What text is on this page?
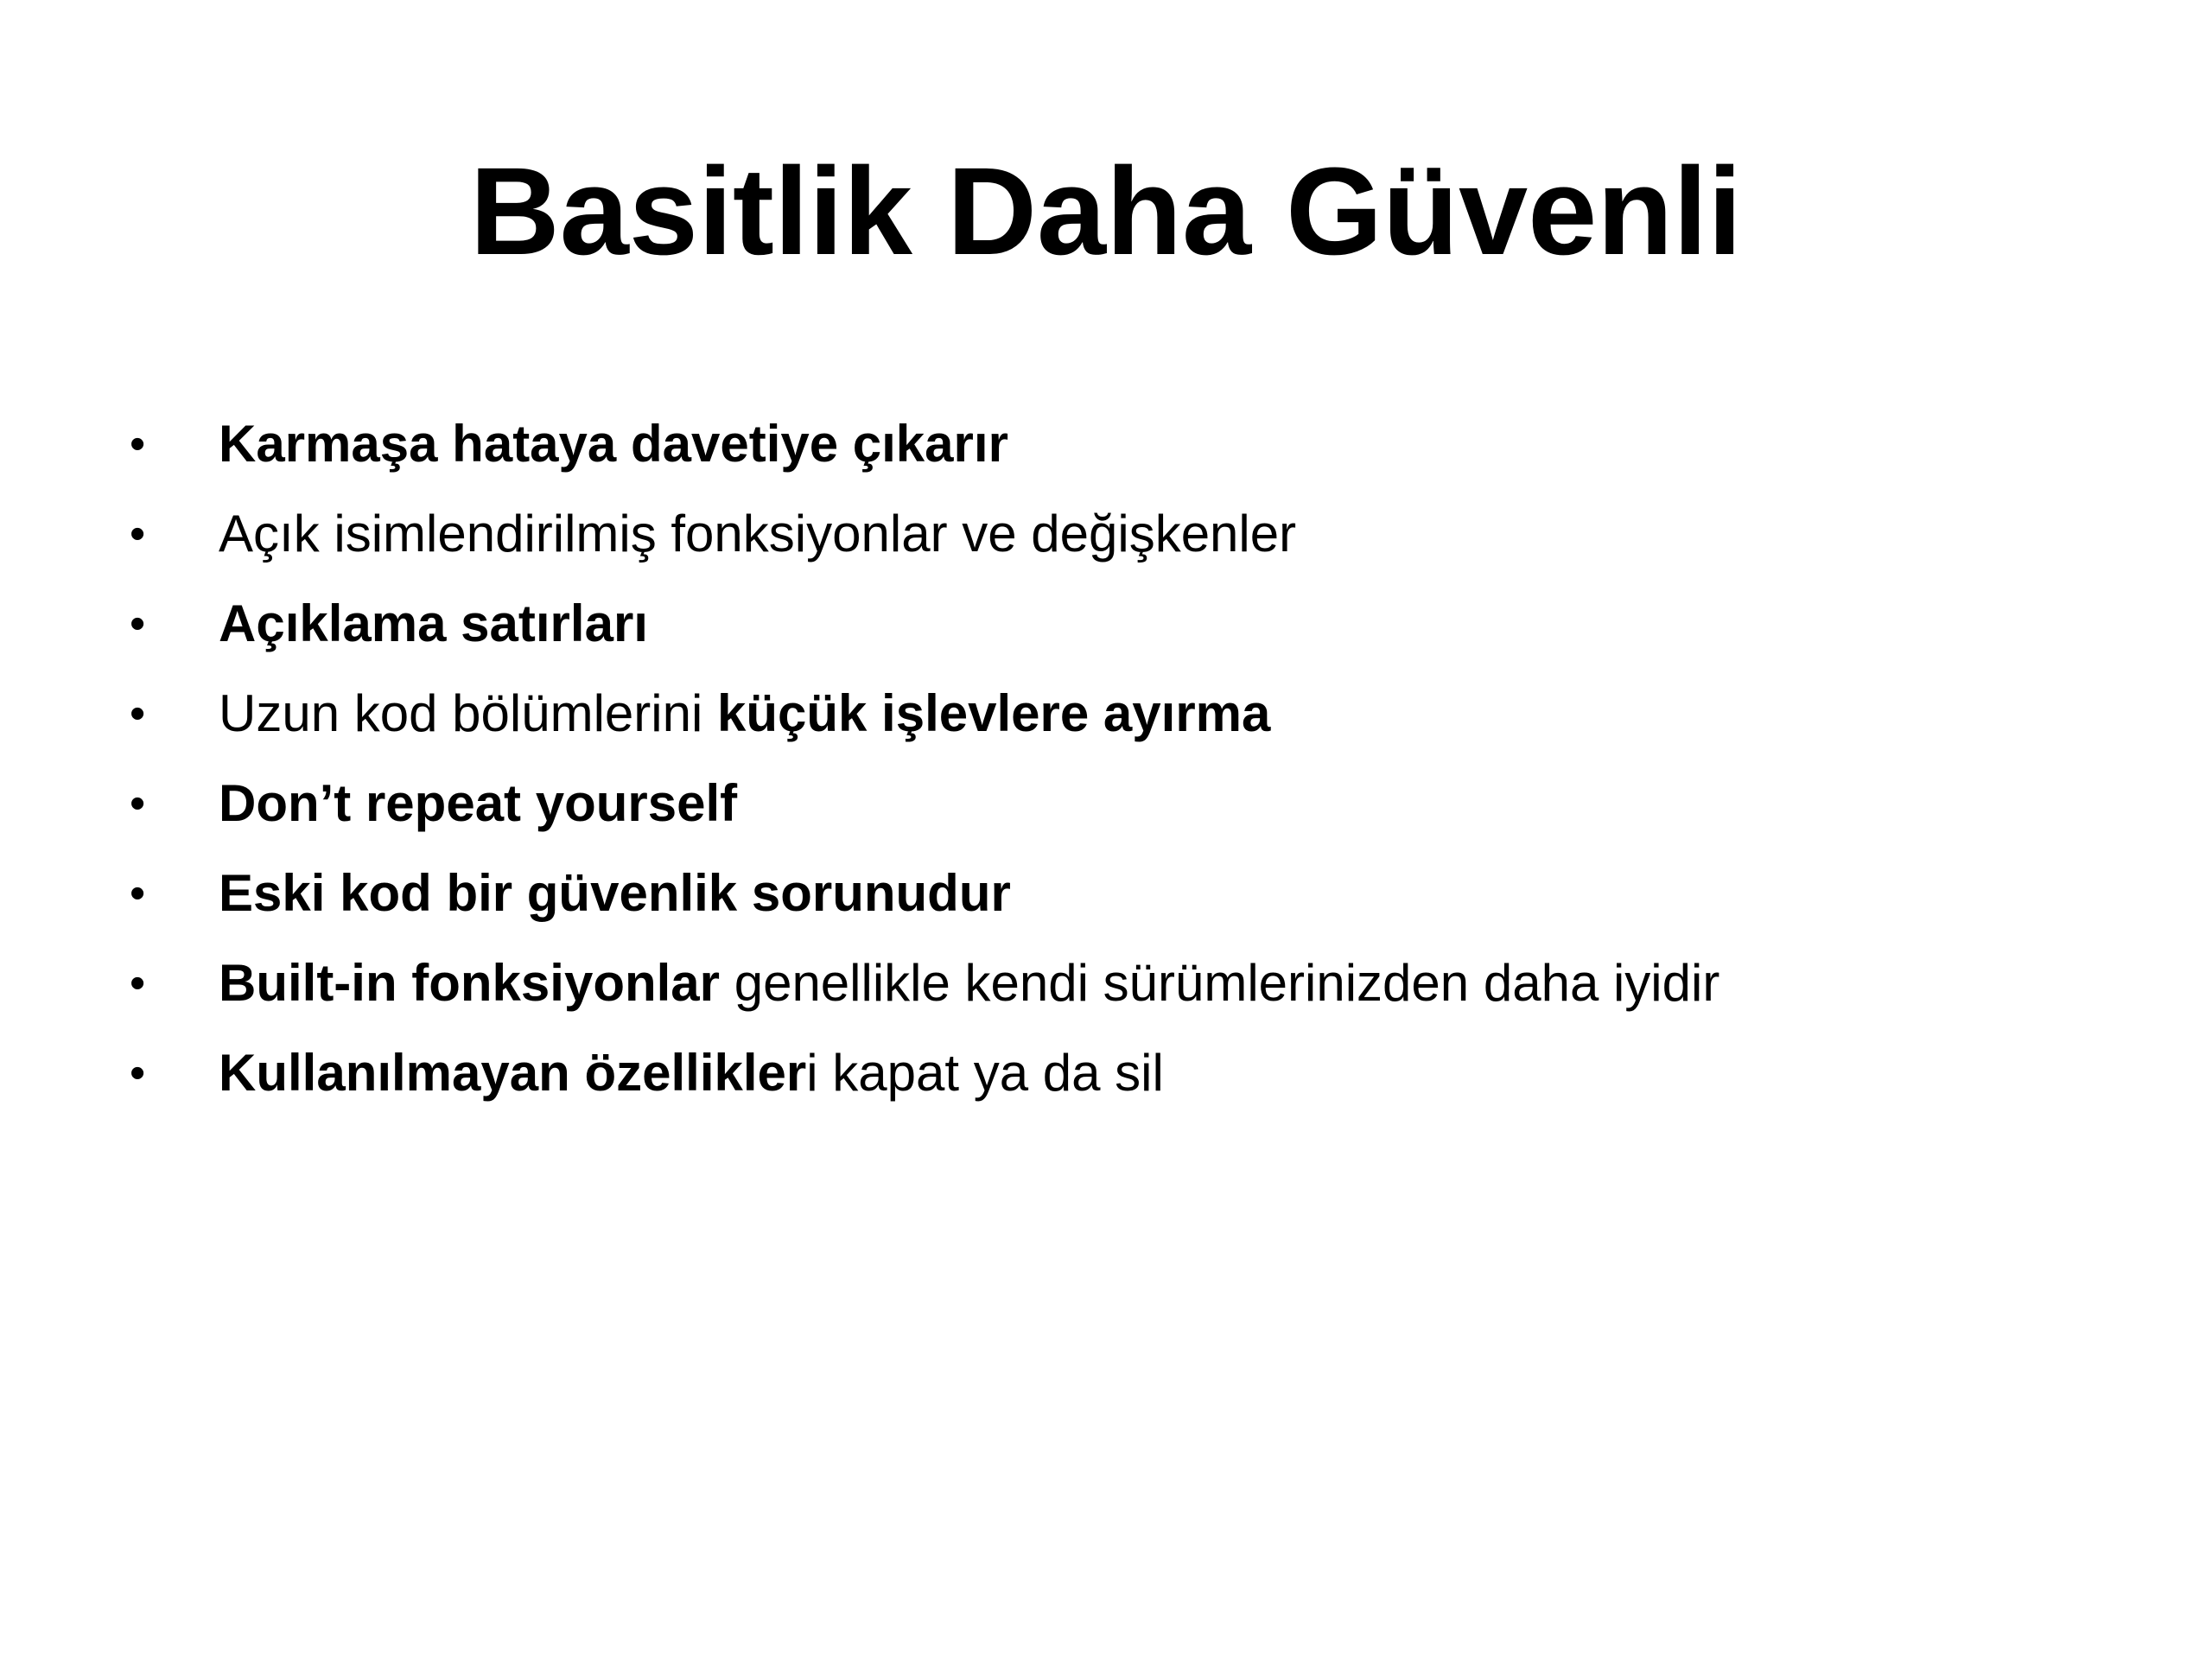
Basitlik Daha Güvenli
•	Karmaşa hataya davetiye çıkarır
•	Açık isimlendirilmiş fonksiyonlar ve değişkenler
•	Açıklama satırları
•	Uzun kod bölümlerini küçük işlevlere ayırma
•	Don’t repeat yourself
•	Eski kod bir güvenlik sorunudur
•	Built-in fonksiyonlar genellikle kendi sürümlerinizden daha iyidir
•	Kullanılmayan özellikleri kapat ya da sil
